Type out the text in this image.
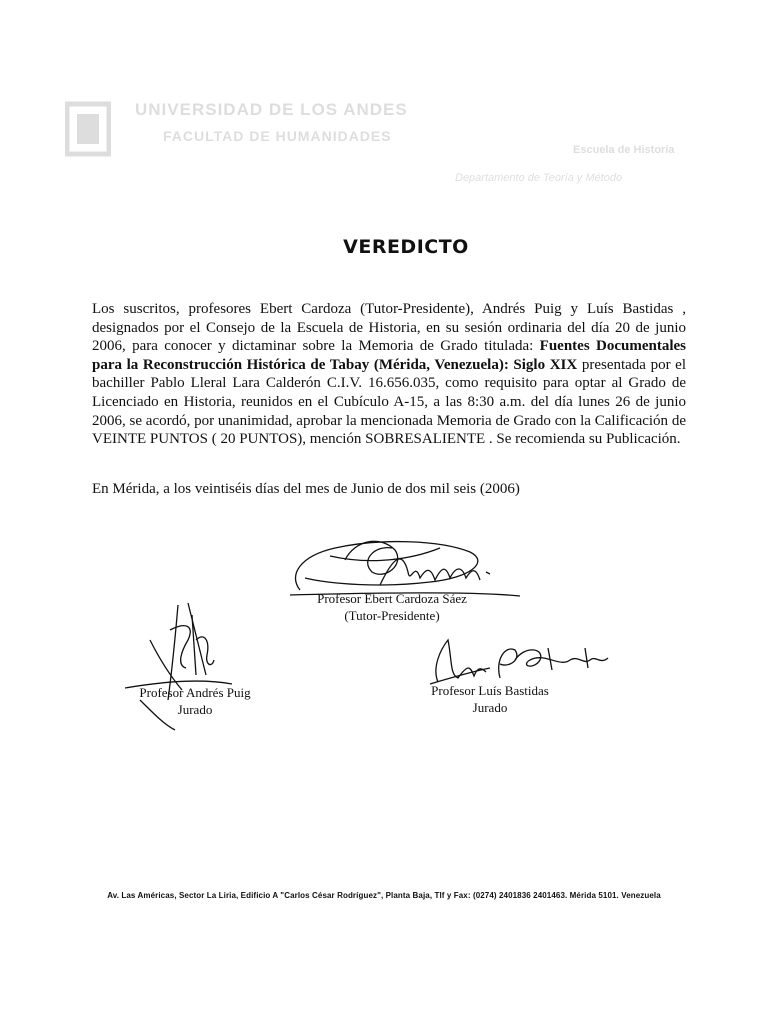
UNIVERSIDAD DE LOS ANDES
FACULTAD DE HUMANIDADES
Escuela de Historia
Departamento de Teoría y Método
VEREDICTO
Los suscritos, profesores Ebert Cardoza (Tutor-Presidente), Andrés Puig y Luís Bastidas , designados por el Consejo de la Escuela de Historia, en su sesión ordinaria del día 20 de junio 2006, para conocer y dictaminar sobre la Memoria de Grado titulada: Fuentes Documentales para la Reconstrucción Histórica de Tabay (Mérida, Venezuela): Siglo XIX presentada por el bachiller Pablo Lleral Lara Calderón C.I.V. 16.656.035, como requisito para optar al Grado de Licenciado en Historia, reunidos en el Cubículo A-15, a las 8:30 a.m. del día lunes 26 de junio 2006, se acordó, por unanimidad, aprobar la mencionada Memoria de Grado con la Calificación de VEINTE PUNTOS ( 20 PUNTOS), mención SOBRESALIENTE . Se recomienda su Publicación.
En Mérida, a los veintiséis días del mes de Junio de dos mil seis (2006)
Profesor Ebert Cardoza Sáez
(Tutor-Presidente)
Profesor Andrés Puig
Jurado
Profesor Luís Bastidas
Jurado
Av. Las Américas, Sector La Liria, Edificio A "Carlos César Rodríguez", Planta Baja, Tlf y Fax: (0274) 2401836 2401463. Mérida 5101. Venezuela
